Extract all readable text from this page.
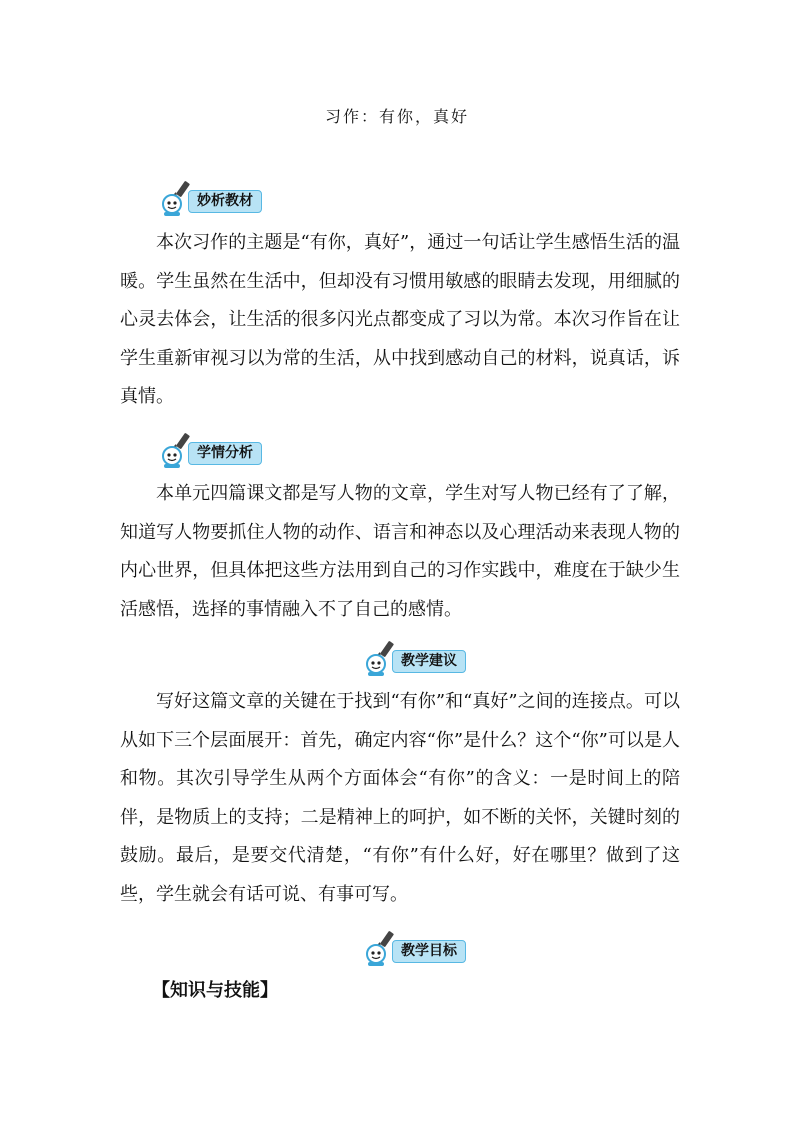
习作：有你，真好
妙析教材

本次习作的主题是“有你，真好”，通过一句话让学生感悟生活的温暖。学生虽然在生活中，但却没有习惯用敏感的眼睛去发现，用细腻的心灵去体会，让生活的很多闪光点都变成了习以为常。本次习作旨在让学生重新审视习以为常的生活，从中找到感动自己的材料，说真话，诉真情。

学情分析

本单元四篇课文都是写人物的文章，学生对写人物已经有了了解，知道写人物要抓住人物的动作、语言和神态以及心理活动来表现人物的内心世界，但具体把这些方法用到自己的习作实践中，难度在于缺少生活感悟，选择的事情融入不了自己的感情。

教学建议

写好这篇文章的关键在于找到“有你”和“真好”之间的连接点。可以从如下三个层面展开：首先，确定内容“你”是什么？这个“你”可以是人和物。其次引导学生从两个方面体会“有你”的含义：一是时间上的陪伴，是物质上的支持；二是精神上的呵护，如不断的关怀，关键时刻的鼓励。最后，是要交代清楚，“有你”有什么好，好在哪里？做到了这些，学生就会有话可说、有事可写。

教学目标
【知识与技能】
